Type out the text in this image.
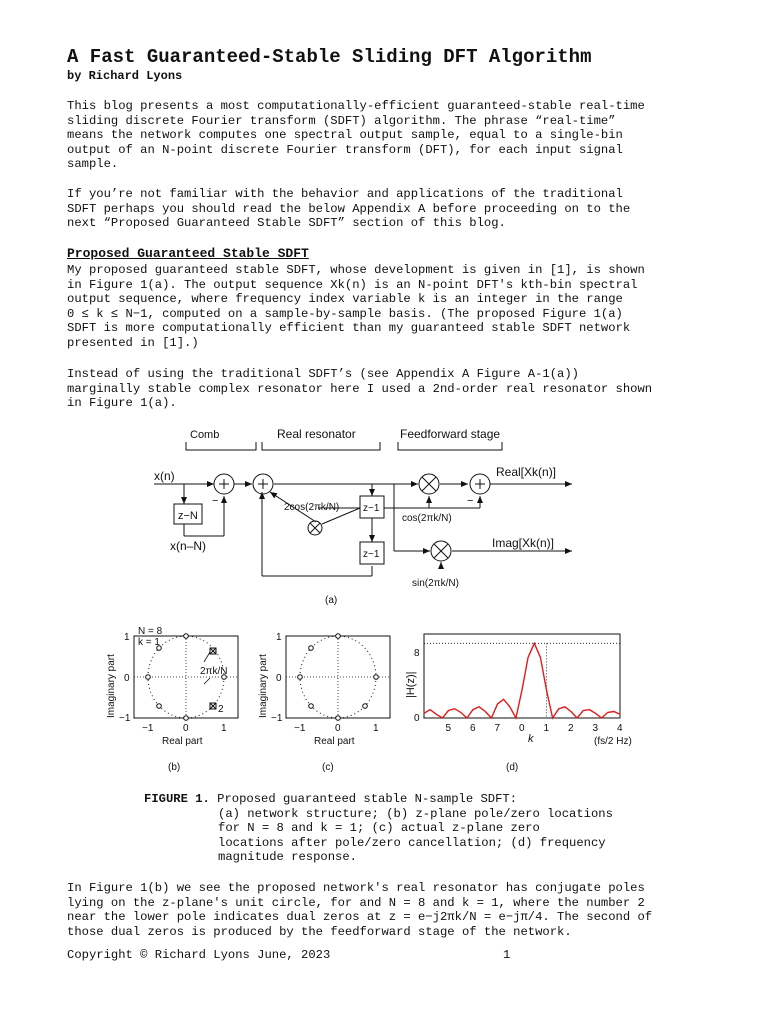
A Fast Guaranteed-Stable Sliding DFT Algorithm
by Richard Lyons

This blog presents a most computationally-efficient guaranteed-stable real-time
sliding discrete Fourier transform (SDFT) algorithm. The phrase “real-time”
means the network computes one spectral output sample, equal to a single-bin
output of an N-point discrete Fourier transform (DFT), for each input signal
sample.

If you’re not familiar with the behavior and applications of the traditional
SDFT perhaps you should read the below Appendix A before proceeding on to the
next “Proposed Guaranteed Stable SDFT” section of this blog.

Proposed Guaranteed Stable SDFT

My proposed guaranteed stable SDFT, whose development is given in [1], is shown
in Figure 1(a). The output sequence Xk(n) is an N-point DFT's kth-bin spectral
output sequence, where frequency index variable k is an integer in the range
0 ≤ k ≤ N−1, computed on a sample-by-sample basis. (The proposed Figure 1(a)
SDFT is more computationally efficient than my guaranteed stable SDFT network
presented in [1].)

Instead of using the traditional SDFT’s (see Appendix A Figure A-1(a))
marginally stable complex resonator here I used a 2nd-order real resonator shown
in Figure 1(a).

Comb	Real resonator	Feedforward stage
x(n)
x(n–N)
z−N
z−1
z−1
2cos(2πk/N)
cos(2πk/N)
sin(2πk/N)
Real[Xk(n)]
Imag[Xk(n)]
−	−
(a)
N = 8
k = 1
2πk/N
2
1
0
−1
−1	0	1
Real part
Imaginary part
(b)
1
0
−1
−1	0	1
Real part
Imaginary part
(c)
8
0
5 6 7 0 1 2 3 4
k	(fs/2 Hz)
|H(z)|
(d)
FIGURE 1. Proposed guaranteed stable N-sample SDFT:
(a) network structure; (b) z-plane pole/zero locations
for N = 8 and k = 1; (c) actual z-plane zero
locations after pole/zero cancellation; (d) frequency
magnitude response.

In Figure 1(b) we see the proposed network's real resonator has conjugate poles
lying on the z-plane's unit circle, for and N = 8 and k = 1, where the number 2
near the lower pole indicates dual zeros at z = e−j2πk/N = e−jπ/4. The second of
those dual zeros is produced by the feedforward stage of the network.

Copyright © Richard Lyons June, 2023	1
